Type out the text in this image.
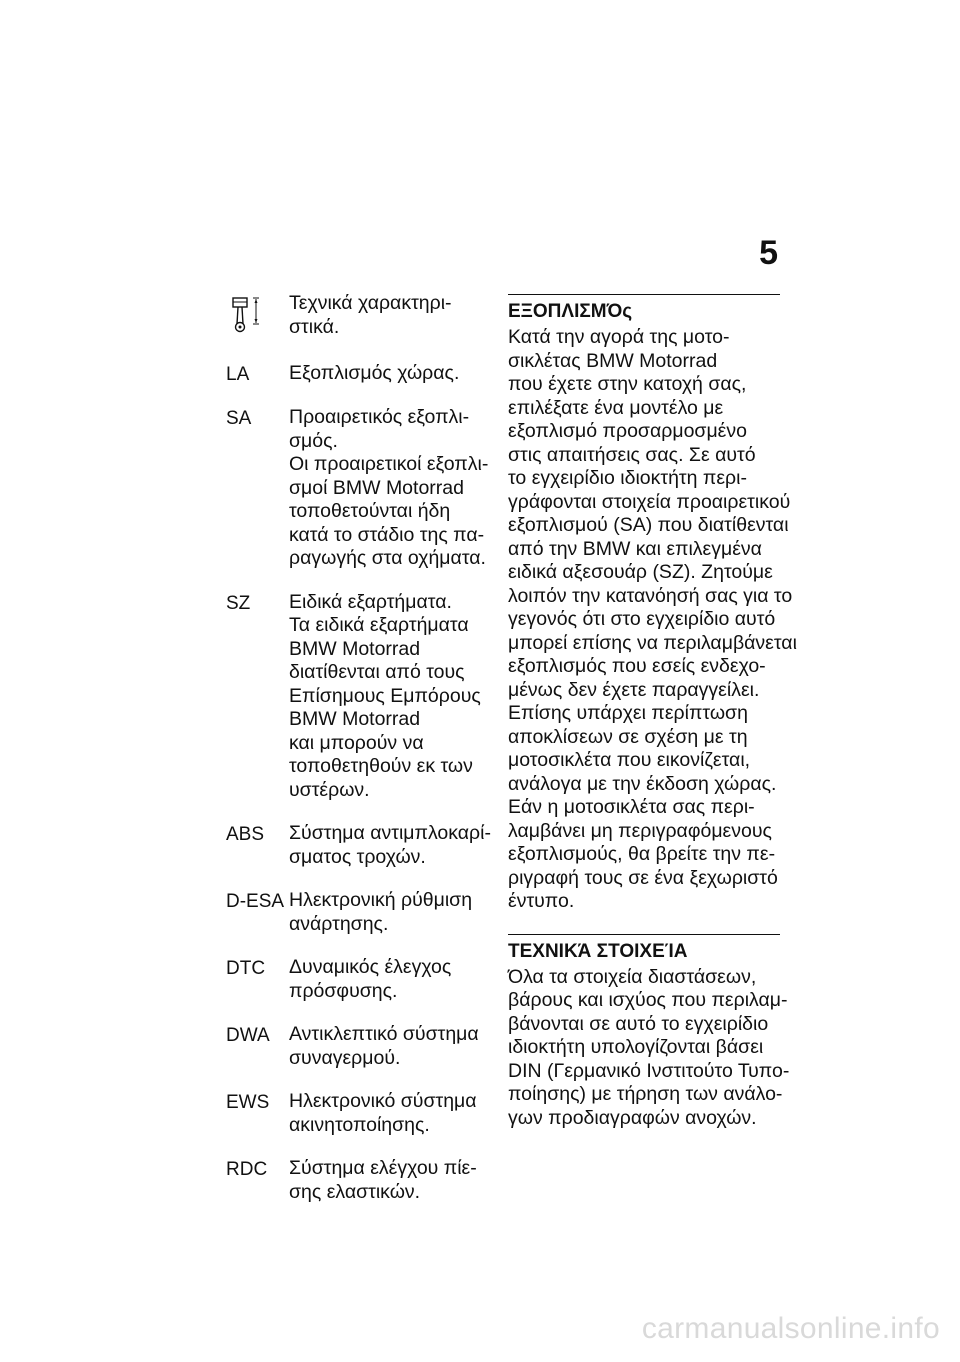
5
Τεχνικά χαρακτηρι-
στικά.
LA	Εξοπλισμός χώρας.
SA	Προαιρετικός εξοπλι-
σμός.
Οι προαιρετικοί εξοπλι-
σμοί BMW Motorrad
τοποθετούνται ήδη
κατά το στάδιο της πα-
ραγωγής στα οχήματα.
SZ	Ειδικά εξαρτήματα.
Τα ειδικά εξαρτήματα
BMW Motorrad
διατίθενται από τους
Επίσημους Εμπόρους
BMW Motorrad
και μπορούν να
τοποθετηθούν εκ των
υστέρων.
ABS	Σύστημα αντιμπλοκαρί-
σματος τροχών.
D-ESA Ηλεκτρονική ρύθμιση
ανάρτησης.
DTC	Δυναμικός έλεγχος
πρόσφυσης.
DWA Αντικλεπτικό σύστημα
συναγερμού.
EWS	Ηλεκτρονικό σύστημα
ακινητοποίησης.
RDC	Σύστημα ελέγχου πίε-
σης ελαστικών.
ΕΞΟΠΛΙΣΜΌς
Κατά την αγορά της μοτο-
σικλέτας BMW Motorrad
που έχετε στην κατοχή σας,
επιλέξατε ένα μοντέλο με
εξοπλισμό προσαρμοσμένο
στις απαιτήσεις σας. Σε αυτό
το εγχειρίδιο ιδιοκτήτη περι-
γράφονται στοιχεία προαιρετικού
εξοπλισμού (SA) που διατίθενται
από την BMW και επιλεγμένα
ειδικά αξεσουάρ (SZ). Ζητούμε
λοιπόν την κατανόησή σας για το
γεγονός ότι στο εγχειρίδιο αυτό
μπορεί επίσης να περιλαμβάνεται
εξοπλισμός που εσείς ενδεχο-
μένως δεν έχετε παραγγείλει.
Επίσης υπάρχει περίπτωση
αποκλίσεων σε σχέση με τη
μοτοσικλέτα που εικονίζεται,
ανάλογα με την έκδοση χώρας.
Εάν η μοτοσικλέτα σας περι-
λαμβάνει μη περιγραφόμενους
εξοπλισμούς, θα βρείτε την πε-
ριγραφή τους σε ένα ξεχωριστό
έντυπο.
ΤΕΧΝΙΚΆ ΣΤΟΙΧΕΊΑ
Όλα τα στοιχεία διαστάσεων,
βάρους και ισχύος που περιλαμ-
βάνονται σε αυτό το εγχειρίδιο
ιδιοκτήτη υπολογίζονται βάσει
DIN (Γερμανικό Ινστιτούτο Τυπο-
ποίησης) με τήρηση των ανάλο-
γων προδιαγραφών ανοχών.
carmanualsonline.info
